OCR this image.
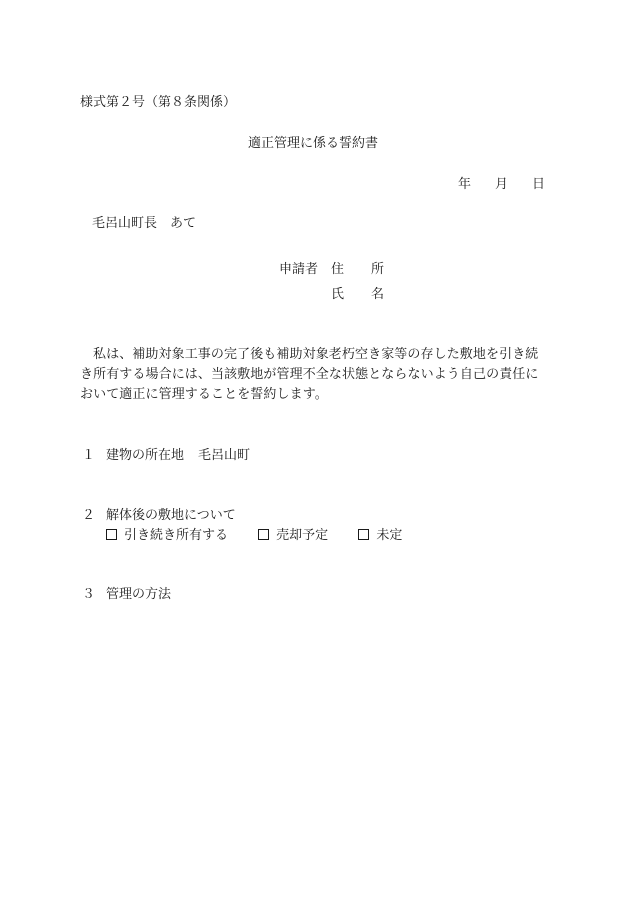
様式第２号（第８条関係）
適正管理に係る誓約書
年 月 日
毛呂山町長　あて
申請者 住 所
氏 名
私は、補助対象工事の完了後も補助対象老朽空き家等の存した敷地を引き続き所有する場合には、当該敷地が管理不全な状態とならないよう自己の責任において適正に管理することを誓約します。
１ 建物の所在地 毛呂山町
２ 解体後の敷地について
引き続き所有する	売却予定	未定
３ 管理の方法
